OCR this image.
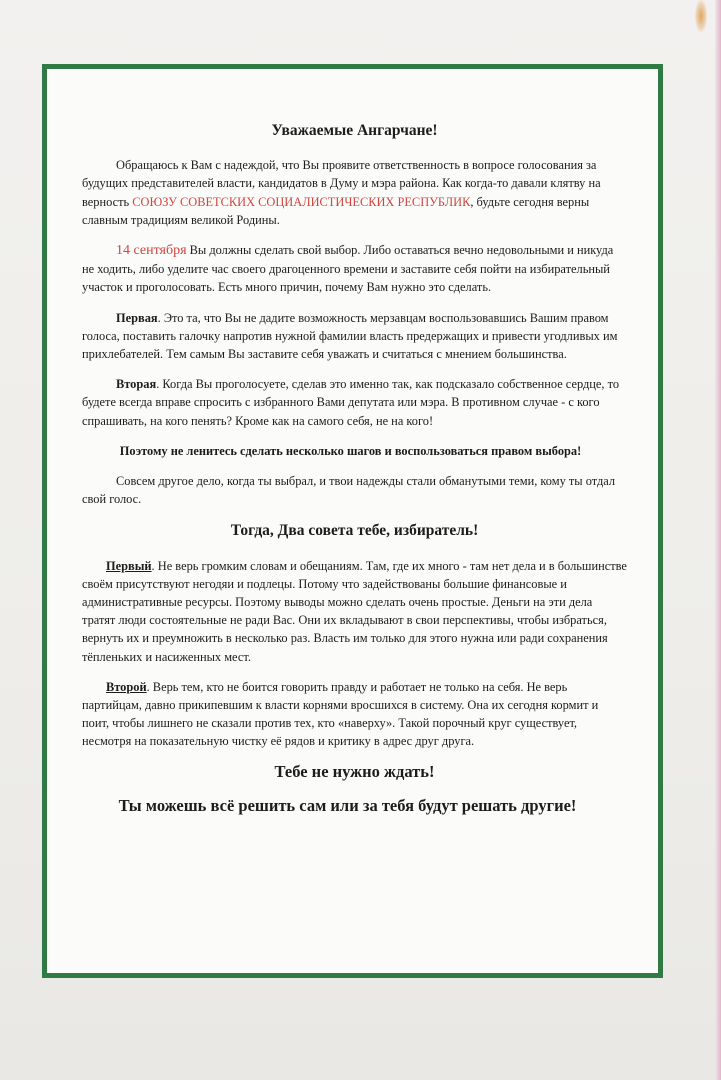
Уважаемые Ангарчане!

Обращаюсь к Вам с надеждой, что Вы проявите ответственность в вопросе голосования за будущих представителей власти, кандидатов в Думу и мэра района. Как когда-то давали клятву на верность СОЮЗУ СОВЕТСКИХ СОЦИАЛИСТИЧЕСКИХ РЕСПУБЛИК, будьте сегодня верны славным традициям великой Родины.

14 сентября Вы должны сделать свой выбор. Либо оставаться вечно недовольными и никуда не ходить, либо уделите час своего драгоценного времени и заставите себя пойти на избирательный участок и проголосовать. Есть много причин, почему Вам нужно это сделать.

Первая. Это та, что Вы не дадите возможность мерзавцам воспользовавшись Вашим правом голоса, поставить галочку напротив нужной фамилии власть предержащих и привести угодливых им прихлебателей. Тем самым Вы заставите себя уважать и считаться с мнением большинства.

Вторая. Когда Вы проголосуете, сделав это именно так, как подсказало собственное сердце, то будете всегда вправе спросить с избранного Вами депутата или мэра. В противном случае - с кого спрашивать, на кого пенять? Кроме как на самого себя, не на кого!

Поэтому не ленитесь сделать несколько шагов и воспользоваться правом выбора!

Совсем другое дело, когда ты выбрал, и твои надежды стали обманутыми теми, кому ты отдал свой голос.

Тогда, Два совета тебе, избиратель!

Первый. Не верь громким словам и обещаниям. Там, где их много - там нет дела и в большинстве своём присутствуют негодяи и подлецы. Потому что задействованы большие финансовые и административные ресурсы. Поэтому выводы можно сделать очень простые. Деньги на эти дела тратят люди состоятельные не ради Вас. Они их вкладывают в свои перспективы, чтобы избраться, вернуть их и преумножить в несколько раз. Власть им только для этого нужна или ради сохранения тёпленьких и насиженных мест.

Второй. Верь тем, кто не боится говорить правду и работает не только на себя. Не верь партийцам, давно прикипевшим к власти корнями вросшихся в систему. Она их сегодня кормит и поит, чтобы лишнего не сказали против тех, кто «наверху». Такой порочный круг существует, несмотря на показательную чистку её рядов и критику в адрес друг друга.

Тебе не нужно ждать!
Ты можешь всё решить сам или за тебя будут решать другие!
